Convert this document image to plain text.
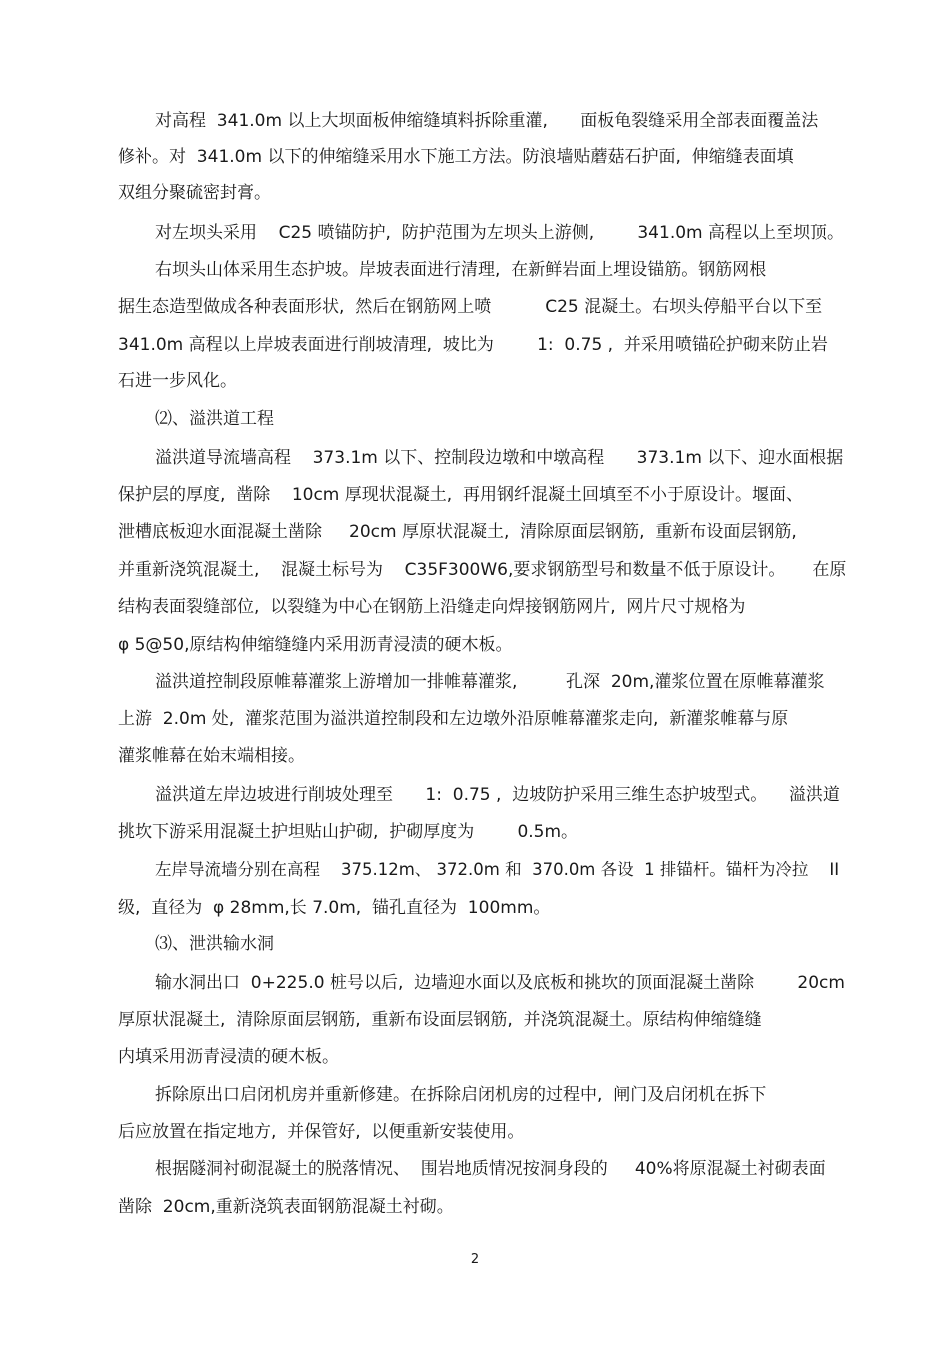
对高程  341.0m 以上大坝面板伸缩缝填料拆除重灌,      面板龟裂缝采用全部表面覆盖法
修补。对  341.0m 以下的伸缩缝采用水下施工方法。防浪墙贴蘑菇石护面,  伸缩缝表面填
双组分聚硫密封膏。
对左坝头采用    C25 喷锚防护,  防护范围为左坝头上游侧,        341.0m 高程以上至坝顶。
右坝头山体采用生态护坡。岸坡表面进行清理,  在新鲜岩面上埋设锚筋。钢筋网根
据生态造型做成各种表面形状,  然后在钢筋网上喷          C25 混凝土。右坝头停船平台以下至
341.0m 高程以上岸坡表面进行削坡清理,  坡比为        1:  0.75 ,  并采用喷锚砼护砌来防止岩
石进一步风化。
⑵、溢洪道工程
溢洪道导流墙高程    373.1m 以下、控制段边墩和中墩高程      373.1m 以下、迎水面根据
保护层的厚度,  凿除    10cm 厚现状混凝土,  再用钢纤混凝土回填至不小于原设计。堰面、
泄槽底板迎水面混凝土凿除     20cm 厚原状混凝土,  清除原面层钢筋,  重新布设面层钢筋,
并重新浇筑混凝土,    混凝土标号为    C35F300W6,要求钢筋型号和数量不低于原设计。     在原
结构表面裂缝部位,  以裂缝为中心在钢筋上沿缝走向焊接钢筋网片,  网片尺寸规格为
φ 5@50,原结构伸缩缝缝内采用沥青浸渍的硬木板。
溢洪道控制段原帷幕灌浆上游增加一排帷幕灌浆,         孔深  20m,灌浆位置在原帷幕灌浆
上游  2.0m 处,  灌浆范围为溢洪道控制段和左边墩外沿原帷幕灌浆走向,  新灌浆帷幕与原
灌浆帷幕在始末端相接。
溢洪道左岸边坡进行削坡处理至      1:  0.75 ,  边坡防护采用三维生态护坡型式。    溢洪道
挑坎下游采用混凝土护坦贴山护砌,  护砌厚度为        0.5m。
左岸导流墙分别在高程    375.12m、 372.0m 和  370.0m 各设  1 排锚杆。锚杆为冷拉    II
级,  直径为  φ 28mm,长 7.0m,  锚孔直径为  100mm。
⑶、泄洪输水洞
输水洞出口  0+225.0 桩号以后,  边墙迎水面以及底板和挑坎的顶面混凝土凿除        20cm
厚原状混凝土,  清除原面层钢筋,  重新布设面层钢筋,  并浇筑混凝土。原结构伸缩缝缝
内填采用沥青浸渍的硬木板。
拆除原出口启闭机房并重新修建。在拆除启闭机房的过程中,  闸门及启闭机在拆下
后应放置在指定地方,  并保管好,  以便重新安装使用。
根据隧洞衬砌混凝土的脱落情况、  围岩地质情况按洞身段的     40%将原混凝土衬砌表面
凿除  20cm,重新浇筑表面钢筋混凝土衬砌。
2
